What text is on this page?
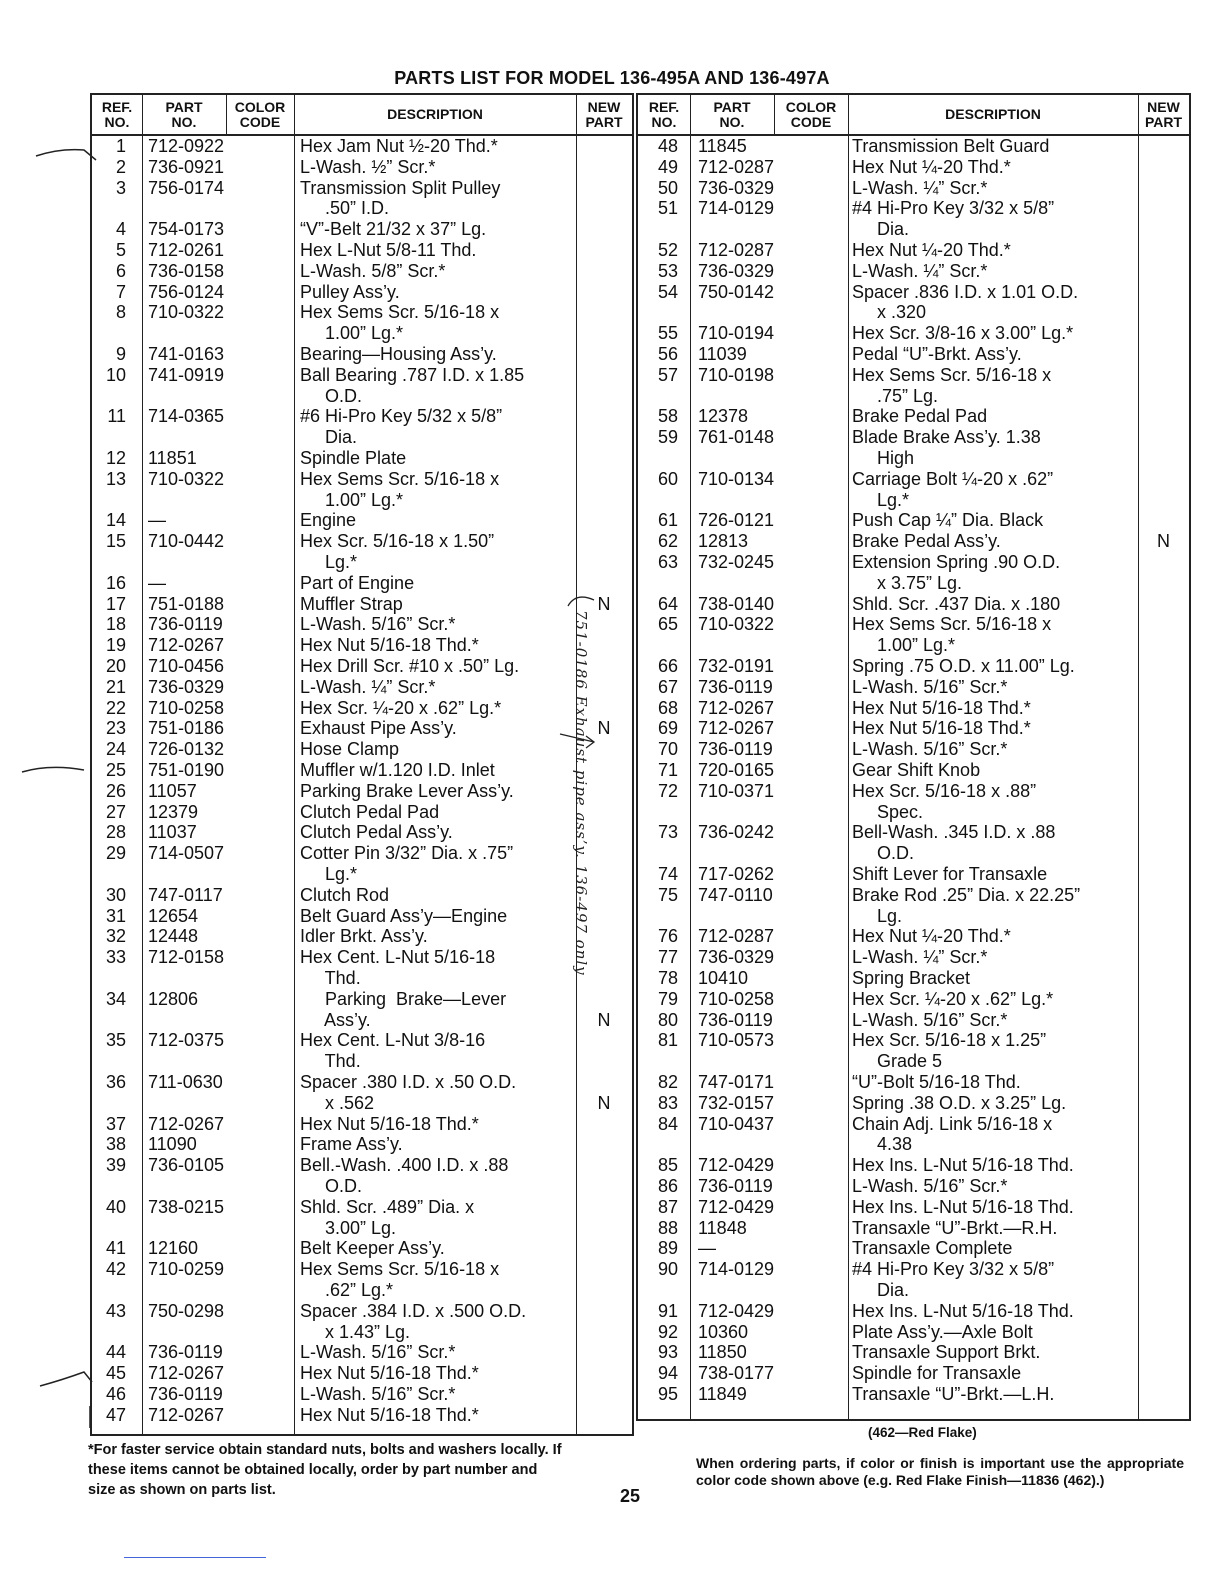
PARTS LIST FOR MODEL 136-495A AND 136-497A
REF.
NO.
PART
NO.
COLOR
CODE	DESCRIPTION	NEW
PART
1 712-0922	Hex Jam Nut ½-20 Thd.*
2 736-0921	L-Wash. ½” Scr.*
3 756-0174	Transmission Split Pulley
.50” I.D.
4 754-0173	“V”-Belt 21/32 x 37” Lg.
5 712-0261	Hex L-Nut 5/8-11 Thd.
6 736-0158	L-Wash. 5/8” Scr.*
7 756-0124	Pulley Ass’y.
8 710-0322	Hex Sems Scr. 5/16-18 x
1.00” Lg.*
9 741-0163	Bearing—Housing Ass’y.
10 741-0919	Ball Bearing .787 I.D. x 1.85
O.D.
11 714-0365	#6 Hi-Pro Key 5/32 x 5/8”
Dia.
12 11851	Spindle Plate
13 710-0322	Hex Sems Scr. 5/16-18 x
1.00” Lg.*
14 —	Engine
15 710-0442	Hex Scr. 5/16-18 x 1.50”
Lg.*
16 —	Part of Engine
17 751-0188	Muffler Strap	N
18 736-0119	L-Wash. 5/16” Scr.*
19 712-0267	Hex Nut 5/16-18 Thd.*
20 710-0456	Hex Drill Scr. #10 x .50” Lg.
21 736-0329	L-Wash. ¼” Scr.*
22 710-0258	Hex Scr. ¼-20 x .62” Lg.*
23 751-0186	Exhaust Pipe Ass’y.	N
24 726-0132	Hose Clamp
25 751-0190	Muffler w/1.120 I.D. Inlet
26 11057	Parking Brake Lever Ass’y.
27 12379	Clutch Pedal Pad
28 11037	Clutch Pedal Ass’y.
29 714-0507	Cotter Pin 3/32” Dia. x .75”
Lg.*
30 747-0117	Clutch Rod
31 12654	Belt Guard Ass’y—Engine
32 12448	Idler Brkt. Ass’y.
33 712-0158	Hex Cent. L-Nut 5/16-18
Thd.
34 12806	Parking  Brake—Lever
Ass’y.	N
35 712-0375	Hex Cent. L-Nut 3/8-16
Thd.
36 711-0630	Spacer .380 I.D. x .50 O.D.
x .562	N
37 712-0267	Hex Nut 5/16-18 Thd.*
38 11090	Frame Ass’y.
39 736-0105	Bell.-Wash. .400 I.D. x .88
O.D.
40 738-0215	Shld. Scr. .489” Dia. x
3.00” Lg.
41 12160	Belt Keeper Ass’y.
42 710-0259	Hex Sems Scr. 5/16-18 x
.62” Lg.*
43 750-0298	Spacer .384 I.D. x .500 O.D.
x 1.43” Lg.
44 736-0119	L-Wash. 5/16” Scr.*
45 712-0267	Hex Nut 5/16-18 Thd.*
46 736-0119	L-Wash. 5/16” Scr.*
47 712-0267	Hex Nut 5/16-18 Thd.*
REF.
NO.
PART
NO.
COLOR
CODE	DESCRIPTION	NEW
PART
48 11845	Transmission Belt Guard
49 712-0287	Hex Nut ¼-20 Thd.*
50 736-0329	L-Wash. ¼” Scr.*
51 714-0129	#4 Hi-Pro Key 3/32 x 5/8”
Dia.
52 712-0287	Hex Nut ¼-20 Thd.*
53 736-0329	L-Wash. ¼” Scr.*
54 750-0142	Spacer .836 I.D. x 1.01 O.D.
x .320
55 710-0194	Hex Scr. 3/8-16 x 3.00” Lg.*
56 11039	Pedal “U”-Brkt. Ass’y.
57 710-0198	Hex Sems Scr. 5/16-18 x
.75” Lg.
58 12378	Brake Pedal Pad
59 761-0148	Blade Brake Ass’y. 1.38
High
60 710-0134	Carriage Bolt ¼-20 x .62”
Lg.*
61 726-0121	Push Cap ¼” Dia. Black
62 12813	Brake Pedal Ass’y.	N
63 732-0245	Extension Spring .90 O.D.
x 3.75” Lg.
64 738-0140	Shld. Scr. .437 Dia. x .180
65 710-0322	Hex Sems Scr. 5/16-18 x
1.00” Lg.*
66 732-0191	Spring .75 O.D. x 11.00” Lg.
67 736-0119	L-Wash. 5/16” Scr.*
68 712-0267	Hex Nut 5/16-18 Thd.*
69 712-0267	Hex Nut 5/16-18 Thd.*
70 736-0119	L-Wash. 5/16” Scr.*
71 720-0165	Gear Shift Knob
72 710-0371	Hex Scr. 5/16-18 x .88”
Spec.
73 736-0242	Bell-Wash. .345 I.D. x .88
O.D.
74 717-0262	Shift Lever for Transaxle
75 747-0110	Brake Rod .25” Dia. x 22.25”
Lg.
76 712-0287	Hex Nut ¼-20 Thd.*
77 736-0329	L-Wash. ¼” Scr.*
78 10410	Spring Bracket
79 710-0258	Hex Scr. ¼-20 x .62” Lg.*
80 736-0119	L-Wash. 5/16” Scr.*
81 710-0573	Hex Scr. 5/16-18 x 1.25”
Grade 5
82 747-0171	“U”-Bolt 5/16-18 Thd.
83 732-0157	Spring .38 O.D. x 3.25” Lg.
84 710-0437	Chain Adj. Link 5/16-18 x
4.38
85 712-0429	Hex Ins. L-Nut 5/16-18 Thd.
86 736-0119	L-Wash. 5/16” Scr.*
87 712-0429	Hex Ins. L-Nut 5/16-18 Thd.
88 11848	Transaxle “U”-Brkt.—R.H.
89 —	Transaxle Complete
90 714-0129	#4 Hi-Pro Key 3/32 x 5/8”
Dia.
91 712-0429	Hex Ins. L-Nut 5/16-18 Thd.
92 10360	Plate Ass’y.—Axle Bolt
93 11850	Transaxle Support Brkt.
94 738-0177	Spindle for Transaxle
95 11849	Transaxle “U”-Brkt.—L.H.
751-0186 Exhaust pipe ass’y. 136-497 only
*For faster service obtain standard nuts, bolts and washers locally. If these items cannot be obtained locally, order by part number and size as shown on parts list.	25
(462—Red Flake)
When ordering parts, if color or finish is important use the appropriate color code shown above (e.g. Red Flake Finish—11836 (462).)
